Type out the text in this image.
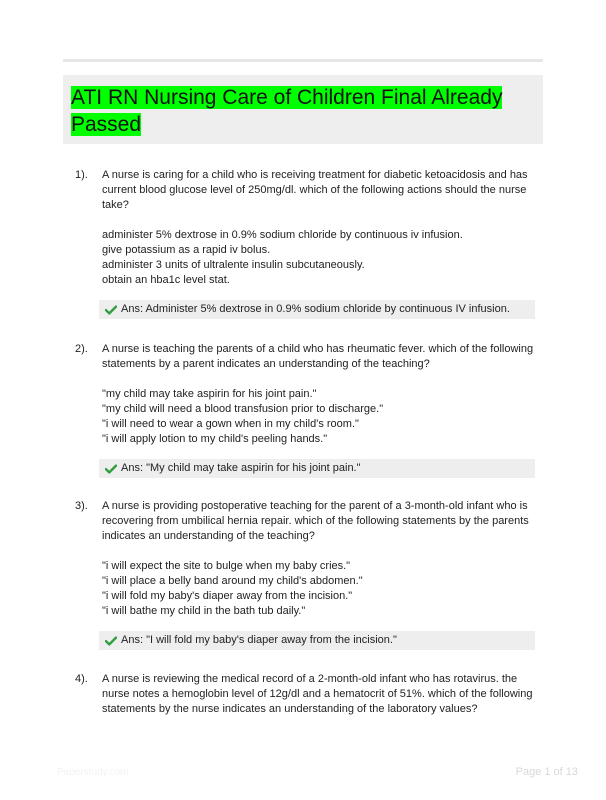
ATI RN Nursing Care of Children Final Already Passed
1).	A nurse is caring for a child who is receiving treatment for diabetic ketoacidosis and has current blood glucose level of 250mg/dl. which of the following actions should the nurse take?

administer 5% dextrose in 0.9% sodium chloride by continuous iv infusion.
give potassium as a rapid iv bolus.
administer 3 units of ultralente insulin subcutaneously.
obtain an hba1c level stat.
Ans: Administer 5% dextrose in 0.9% sodium chloride by continuous IV infusion.
2).	A nurse is teaching the parents of a child who has rheumatic fever. which of the following statements by a parent indicates an understanding of the teaching?

"my child may take aspirin for his joint pain."
"my child will need a blood transfusion prior to discharge."
"i will need to wear a gown when in my child's room."
"i will apply lotion to my child's peeling hands."
Ans: "My child may take aspirin for his joint pain."
3).	A nurse is providing postoperative teaching for the parent of a 3-month-old infant who is recovering from umbilical hernia repair. which of the following statements by the parents indicates an understanding of the teaching?

"i will expect the site to bulge when my baby cries."
"i will place a belly band around my child's abdomen."
"i will fold my baby's diaper away from the incision."
"i will bathe my child in the bath tub daily."
Ans: "I will fold my baby's diaper away from the incision."
4).	A nurse is reviewing the medical record of a 2-month-old infant who has rotavirus. the nurse notes a hemoglobin level of 12g/dl and a hematocrit of 51%. which of the following statements by the nurse indicates an understanding of the laboratory values?

Paperstudy.com	Page 1 of 13
